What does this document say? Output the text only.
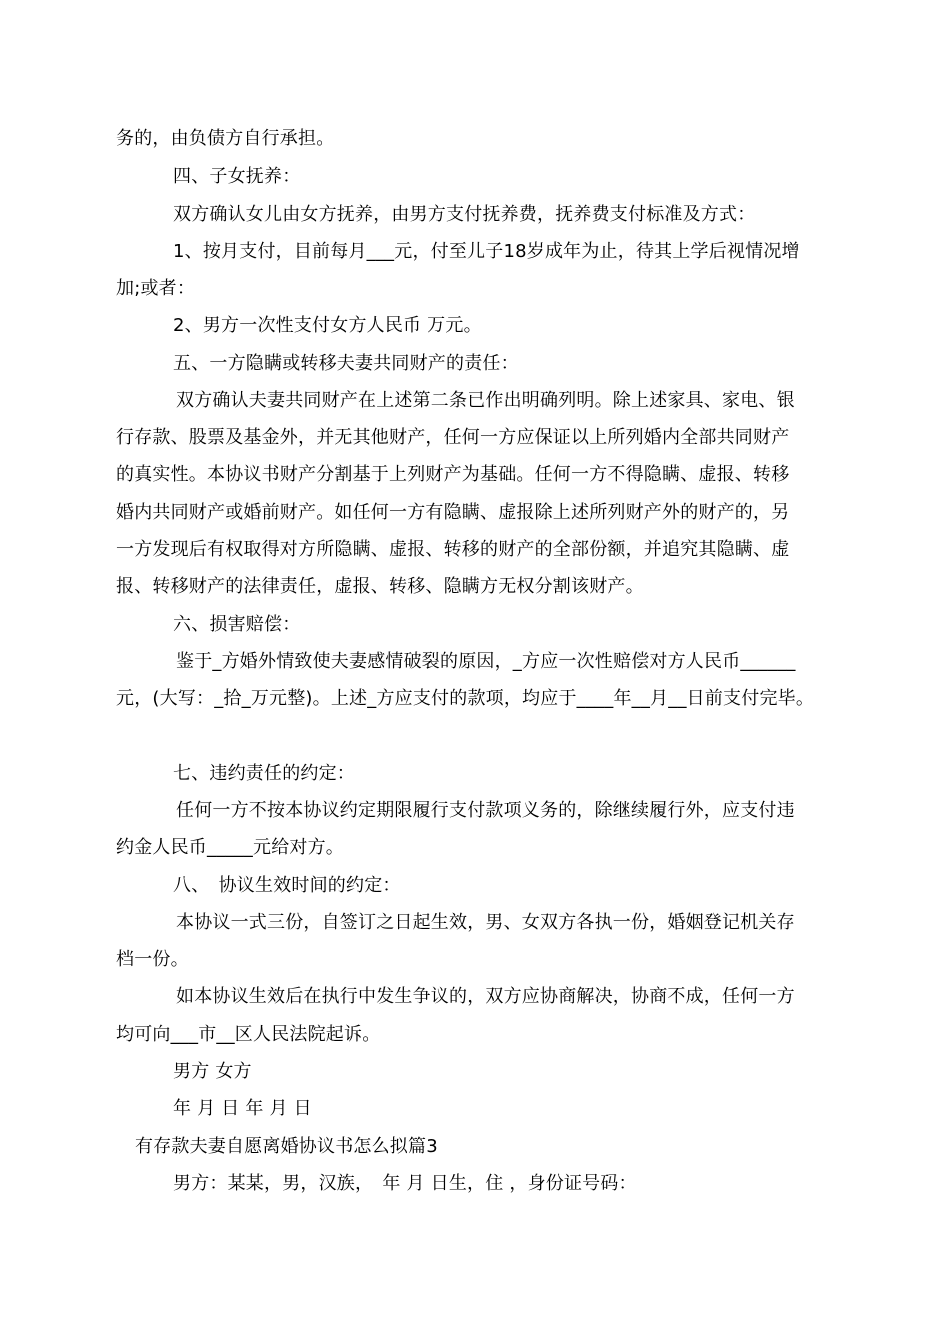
务的，由负债方自行承担。
四、子女抚养：
双方确认女儿由女方抚养，由男方支付抚养费，抚养费支付标准及方式：
1、按月支付，目前每月___元，付至儿子18岁成年为止，待其上学后视情况增
加;或者：
2、男方一次性支付女方人民币 万元。
五、一方隐瞒或转移夫妻共同财产的责任：
双方确认夫妻共同财产在上述第二条已作出明确列明。除上述家具、家电、银
行存款、股票及基金外，并无其他财产，任何一方应保证以上所列婚内全部共同财产
的真实性。本协议书财产分割基于上列财产为基础。任何一方不得隐瞒、虚报、转移
婚内共同财产或婚前财产。如任何一方有隐瞒、虚报除上述所列财产外的财产的，另
一方发现后有权取得对方所隐瞒、虚报、转移的财产的全部份额，并追究其隐瞒、虚
报、转移财产的法律责任，虚报、转移、隐瞒方无权分割该财产。
六、损害赔偿：
鉴于_方婚外情致使夫妻感情破裂的原因，_方应一次性赔偿对方人民币______
元，(大写：_拾_万元整)。上述_方应支付的款项，均应于____年__月__日前支付完毕。
七、违约责任的约定：
任何一方不按本协议约定期限履行支付款项义务的，除继续履行外，应支付违
约金人民币_____元给对方。
八、　协议生效时间的约定：
本协议一式三份，自签订之日起生效，男、女双方各执一份，婚姻登记机关存
档一份。
如本协议生效后在执行中发生争议的，双方应协商解决，协商不成，任何一方
均可向___市__区人民法院起诉。
男方 女方
年 月 日 年 月 日
有存款夫妻自愿离婚协议书怎么拟篇3
男方：某某，男，汉族，　年 月 日生，住 ，身份证号码：
